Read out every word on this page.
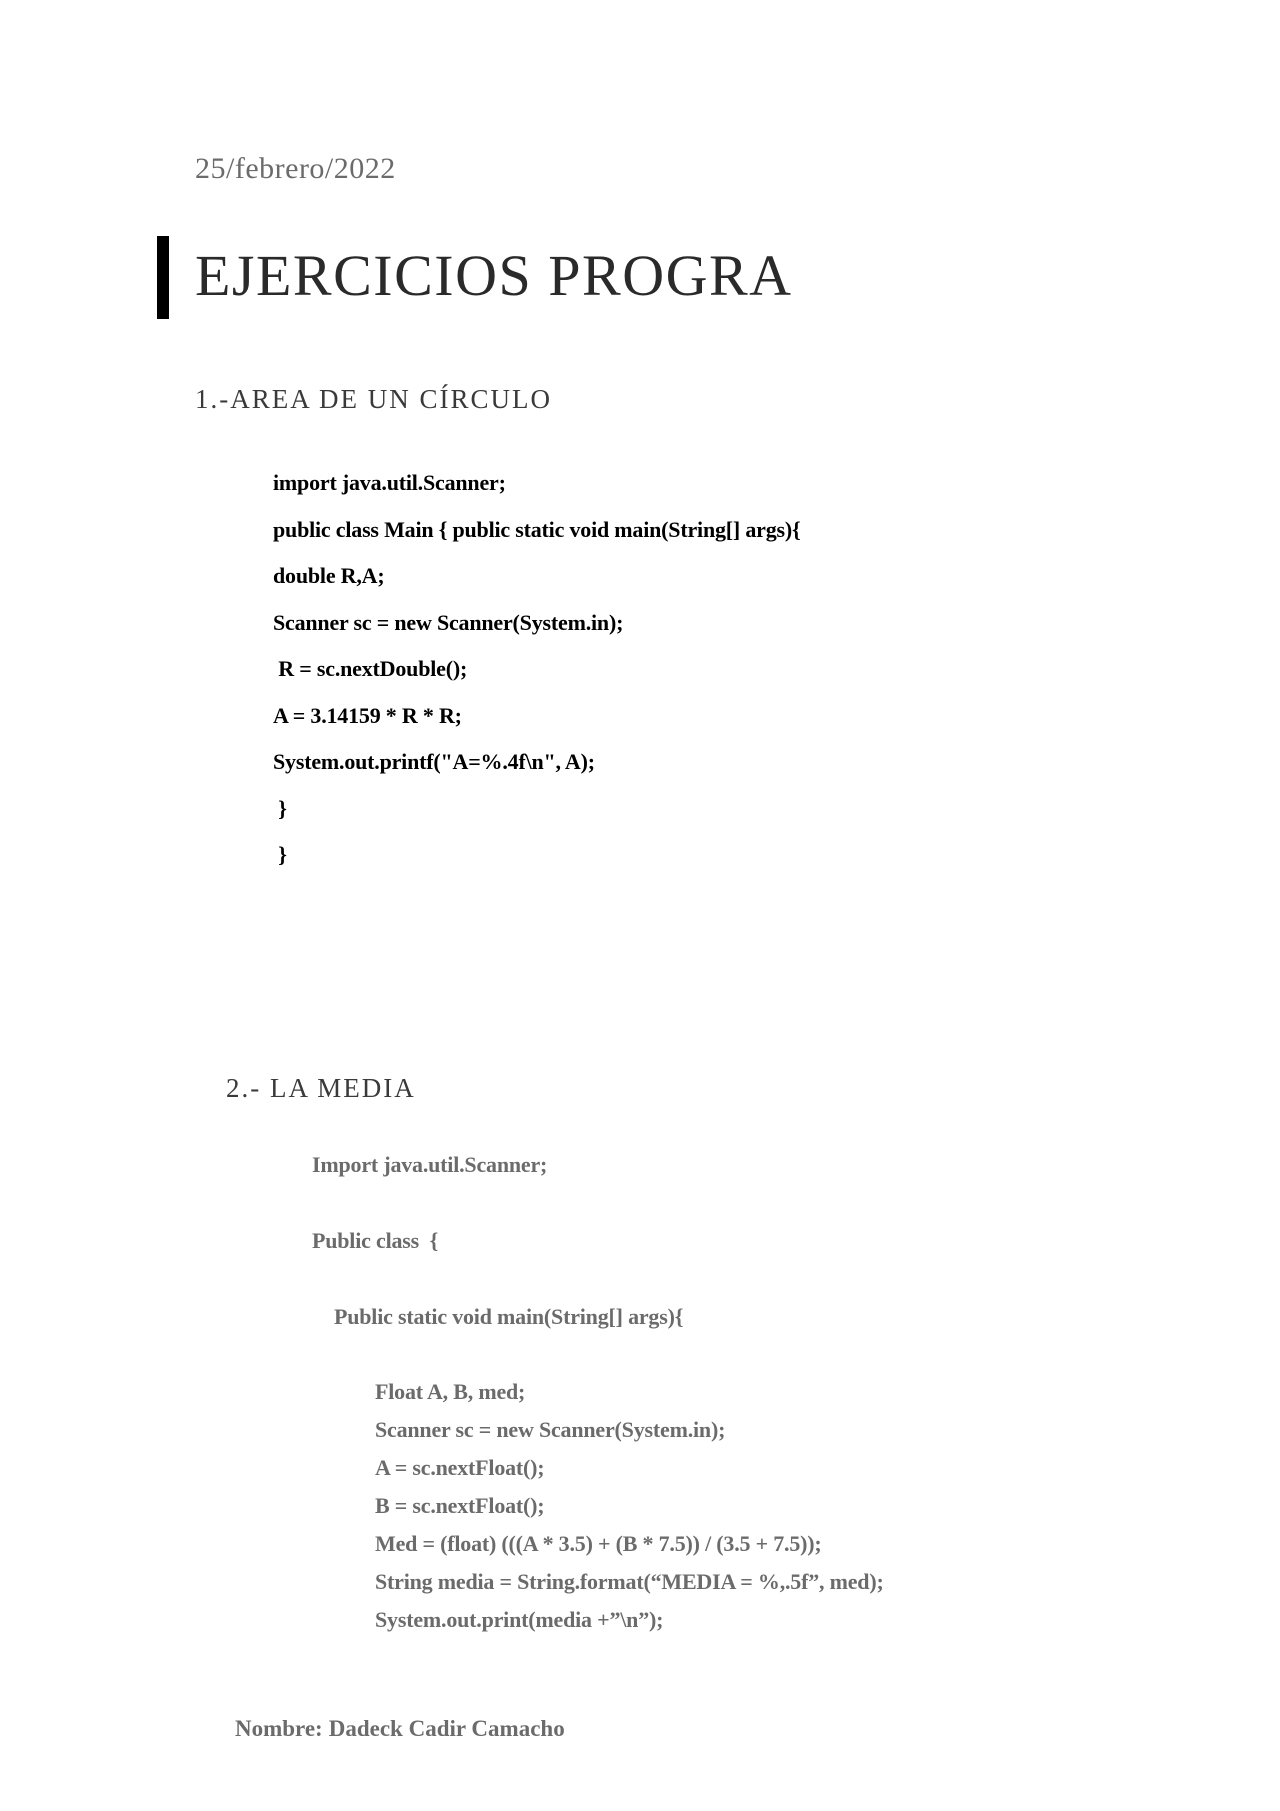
25/febrero/2022
EJERCICIOS PROGRA
1.-AREA DE UN CÍRCULO
import java.util.Scanner;
public class Main { public static void main(String[] args){
double R,A;
Scanner sc = new Scanner(System.in);
R = sc.nextDouble();
A = 3.14159 * R * R;
System.out.printf("A=%.4f\n", A);
}
}
2.- LA MEDIA
Import java.util.Scanner;
Public class  {
Public static void main(String[] args){
Float A, B, med;
Scanner sc = new Scanner(System.in);
A = sc.nextFloat();
B = sc.nextFloat();
Med = (float) (((A * 3.5) + (B * 7.5)) / (3.5 + 7.5));
String media = String.format(“MEDIA = %,.5f”, med);
System.out.print(media +”\n”);
Nombre: Dadeck Cadir Camacho
